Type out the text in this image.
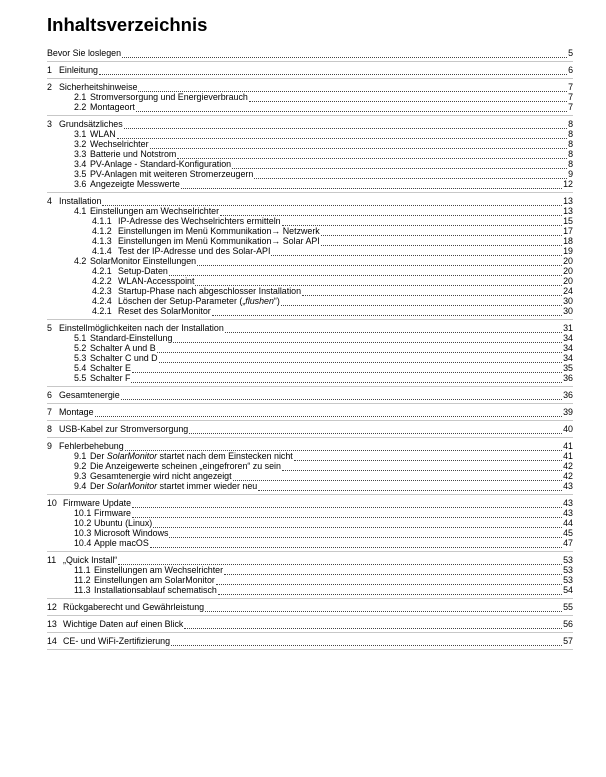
Inhaltsverzeichnis
Bevor Sie loslegen	5
1 Einleitung	6
2 Sicherheitshinweise	7
2.1 Stromversorgung und Energieverbrauch	7
2.2 Montageort	7
3 Grundsätzliches	8
3.1 WLAN	8
3.2 Wechselrichter	8
3.3 Batterie und Notstrom	8
3.4 PV-Anlage - Standard-Konfiguration	8
3.5 PV-Anlagen mit weiteren Stromerzeugern	9
3.6 Angezeigte Messwerte	12
4 Installation	13
4.1 Einstellungen am Wechselrichter	13
4.1.1 IP-Adresse des Wechselrichters ermitteln	15
4.1.2 Einstellungen im Menü Kommunikation→ Netzwerk	17
4.1.3 Einstellungen im Menü Kommunikation→ Solar API	18
4.1.4 Test der IP-Adresse und des Solar-API	19
4.2 SolarMonitor Einstellungen	20
4.2.1 Setup-Daten	20
4.2.2 WLAN-Accesspoint	20
4.2.3 Startup-Phase nach abgeschlosser Installation	24
4.2.4 Löschen der Setup-Parameter („flushen“)	30
4.2.1 Reset des SolarMonitor	30
5 Einstellmöglichkeiten nach der Installation	31
5.1 Standard-Einstellung	34
5.2 Schalter A und B	34
5.3 Schalter C und D	34
5.4 Schalter E	35
5.5 Schalter F	36
6 Gesamtenergie	36
7 Montage	39
8 USB-Kabel zur Stromversorgung	40
9 Fehlerbehebung	41
9.1 Der SolarMonitor startet nach dem Einstecken nicht	41
9.2 Die Anzeigewerte scheinen „eingefroren“ zu sein	42
9.3 Gesamtenergie wird nicht angezeigt	42
9.4 Der SolarMonitor startet immer wieder neu	43
10 Firmware Update	43
10.1 Firmware	43
10.2 Ubuntu (Linux)	44
10.3 Microsoft Windows	45
10.4 Apple macOS	47
11 „Quick Install“	53
11.1 Einstellungen am Wechselrichter	53
11.2 Einstellungen am SolarMonitor	53
11.3 Installationsablauf schematisch	54
12 Rückgaberecht und Gewährleistung	55
13 Wichtige Daten auf einen Blick	56
14 CE- und WiFi-Zertifizierung	57
